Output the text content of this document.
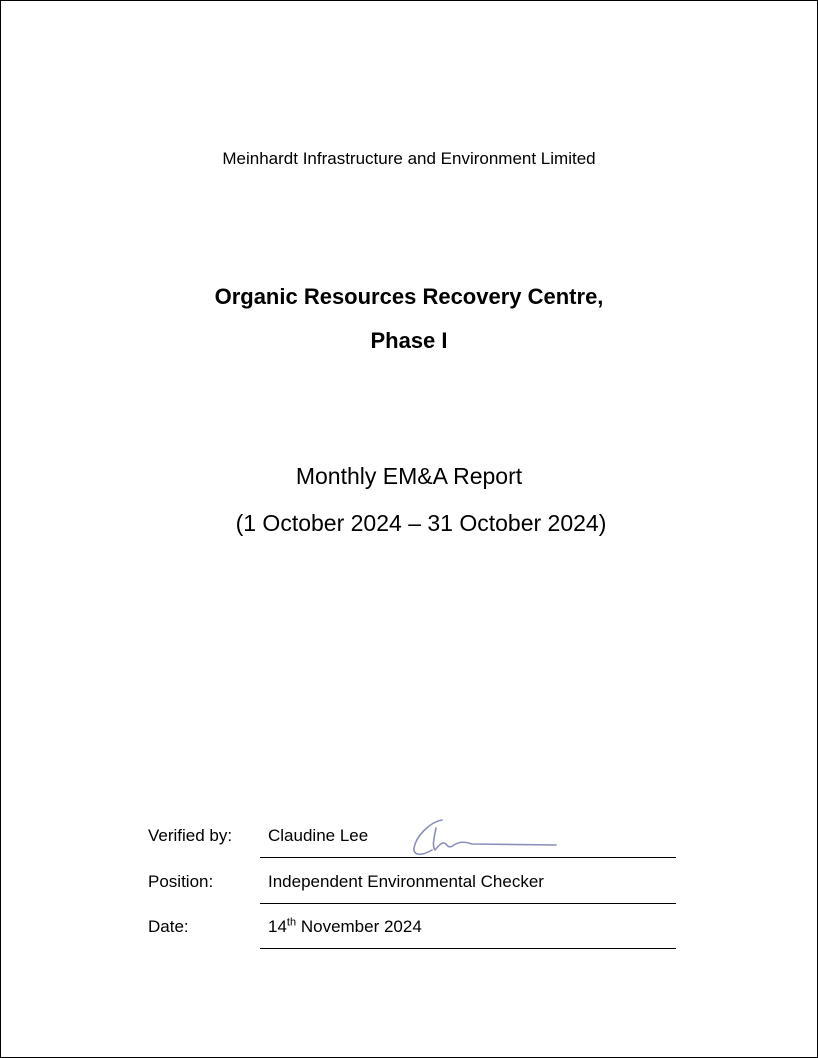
Meinhardt Infrastructure and Environment Limited
Organic Resources Recovery Centre,
Phase I
Monthly EM&A Report
(1 October 2024 – 31 October 2024)
Verified by: Claudine Lee
Position:	Independent Environmental Checker
Date:	14th November 2024
